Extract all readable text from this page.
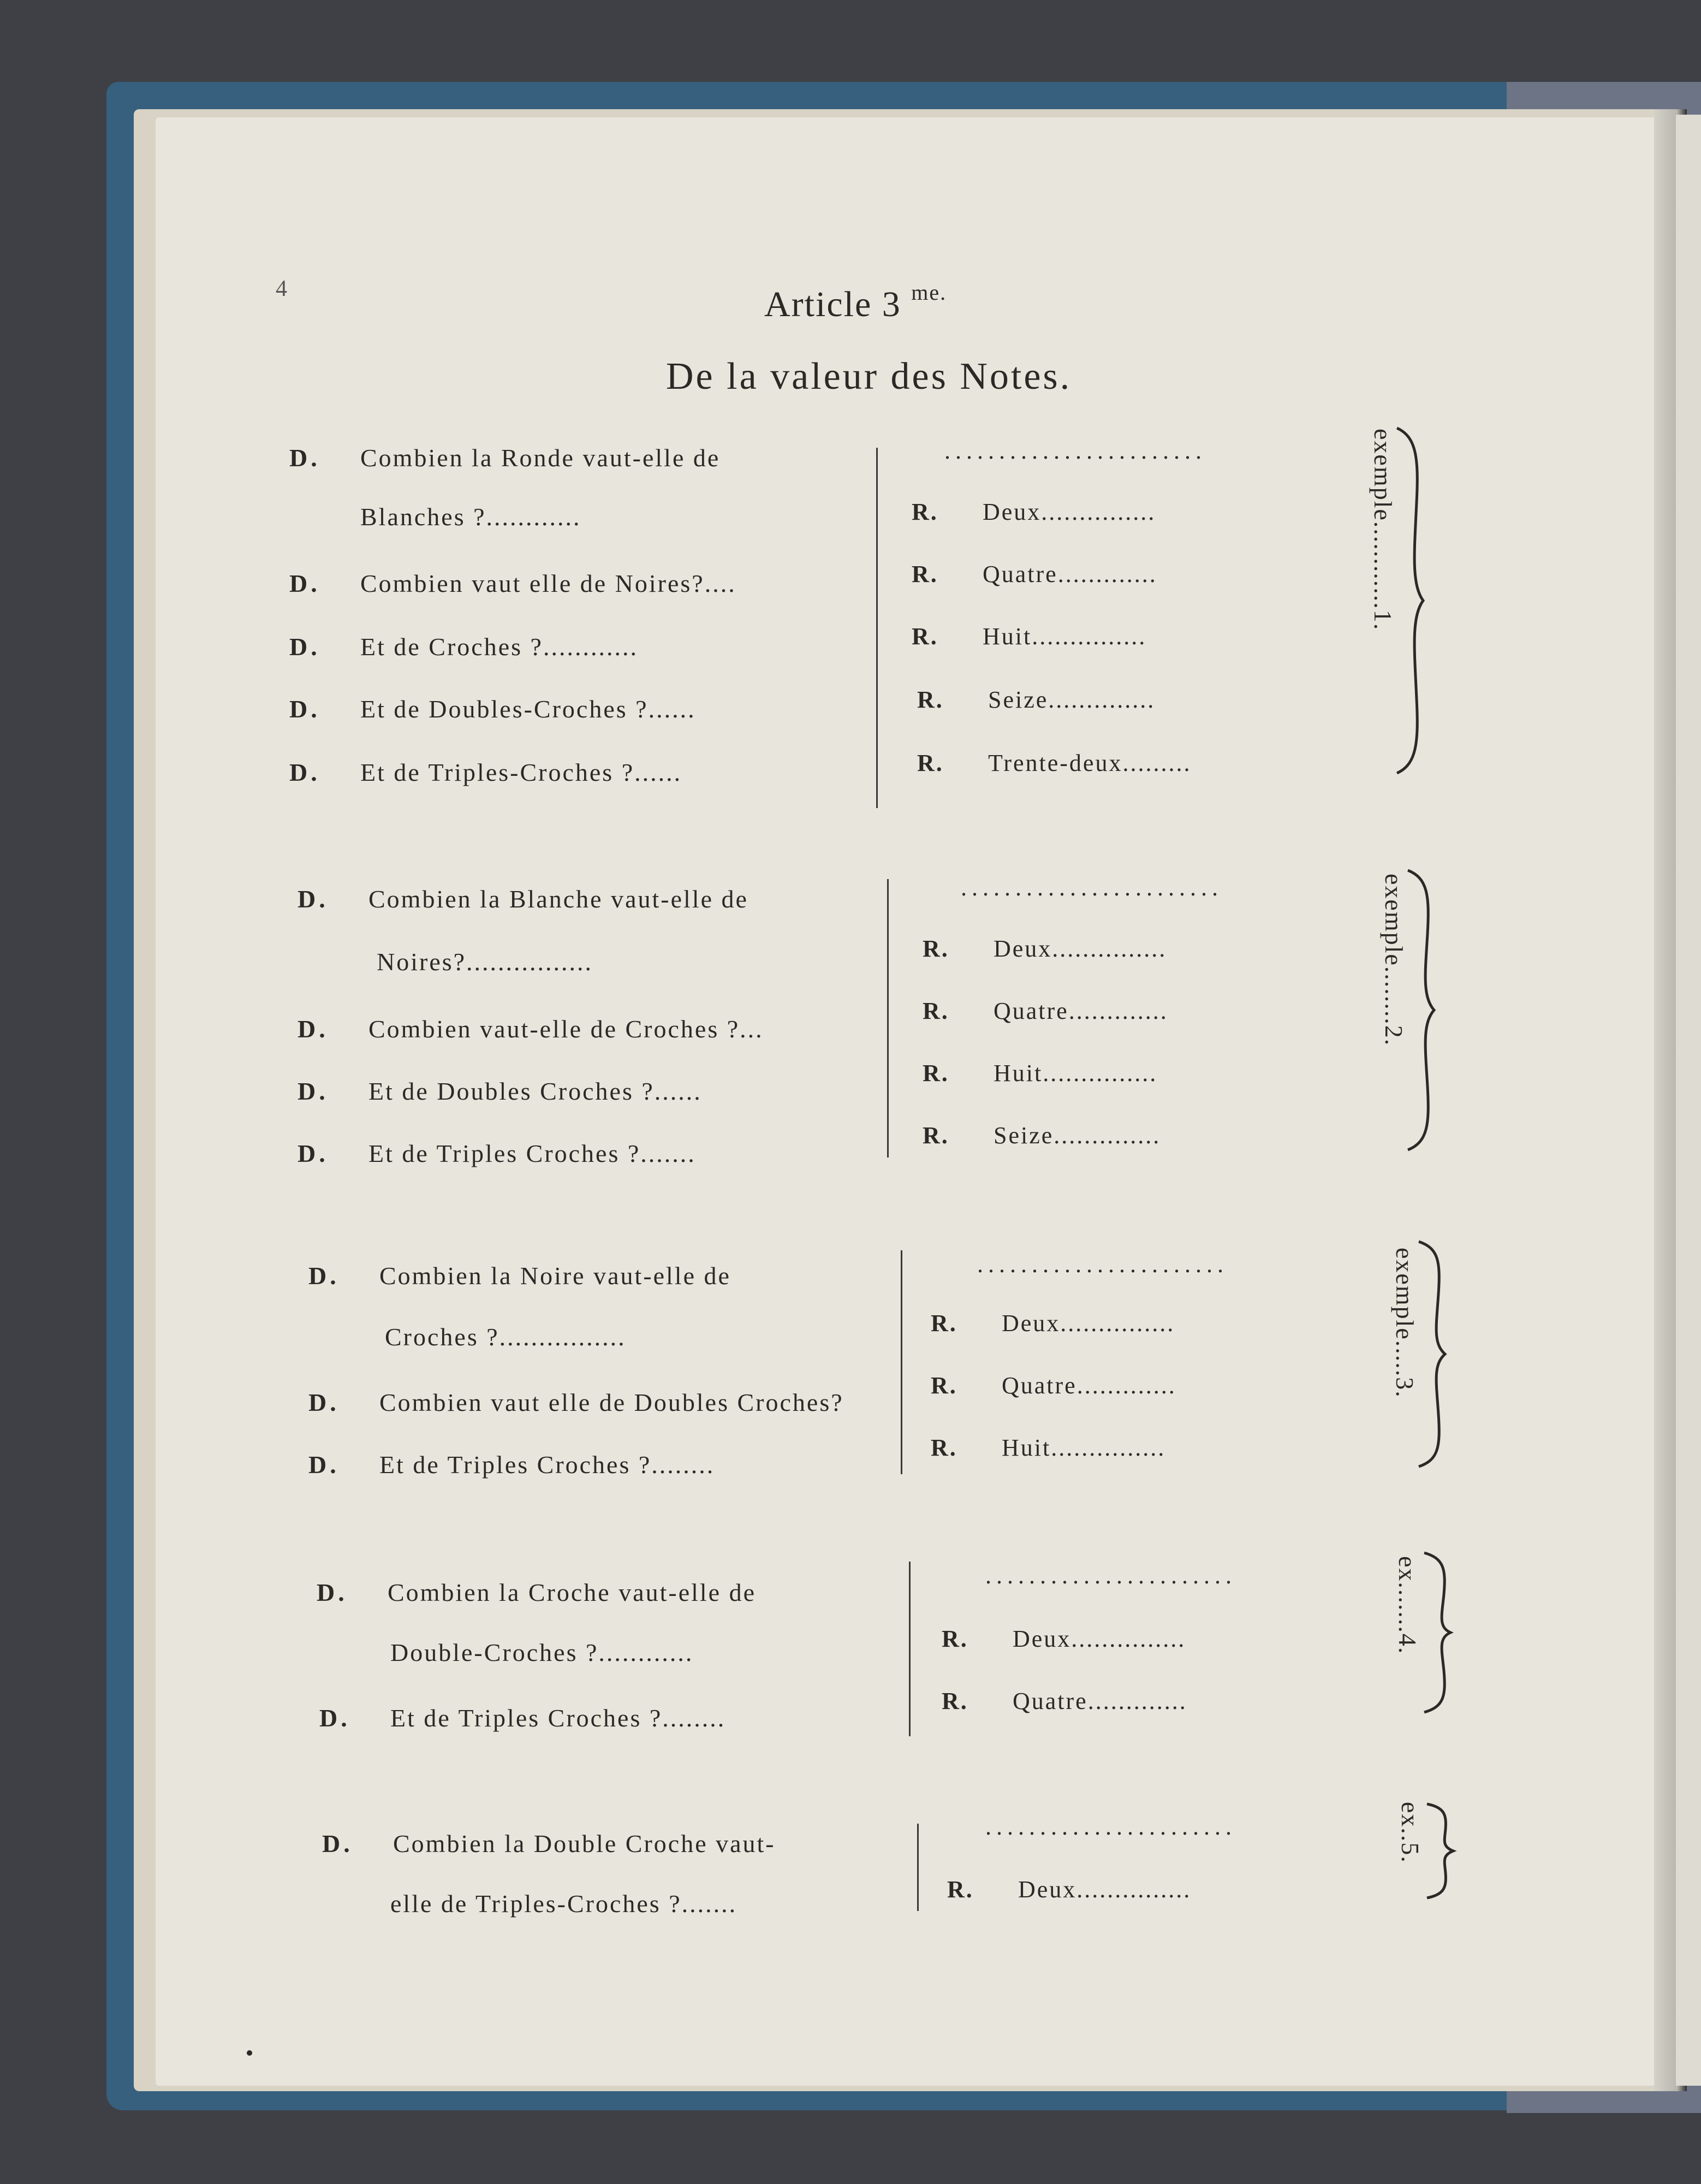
4	Article 3 $^{me.}$
De la valeur des Notes.
D. Combien la Ronde vaut-elle de
Blanches ?............
D. Combien vaut elle de Noires?....
D. Et de Croches ?............
D. Et de Doubles-Croches ?......
D. Et de Triples-Croches ?......
........................
R. Deux...............
R. Quatre.............
R. Huit...............
R. Seize..............
R. Trente-deux.........
exemple............1.
D. Combien la Blanche vaut-elle de
Noires?................
D. Combien vaut-elle de Croches ?...
D. Et de Doubles Croches ?......
D. Et de Triples Croches ?.......
........................
R. Deux...............
R. Quatre.............
R. Huit...............
R. Seize..............
exemple........2.
D. Combien la Noire vaut-elle de
Croches ?................
D. Combien vaut elle de Doubles Croches?
D. Et de Triples Croches ?........
.......................
R. Deux...............
R. Quatre.............
R. Huit...............
exemple.....3.
D. Combien la Croche vaut-elle de
Double-Croches ?............
D. Et de Triples Croches ?........
.......................
R. Deux...............
R. Quatre.............
ex.......4.
D. Combien la Double Croche vaut-
elle de Triples-Croches ?.......
.......................
R. Deux...............
ex..5.
